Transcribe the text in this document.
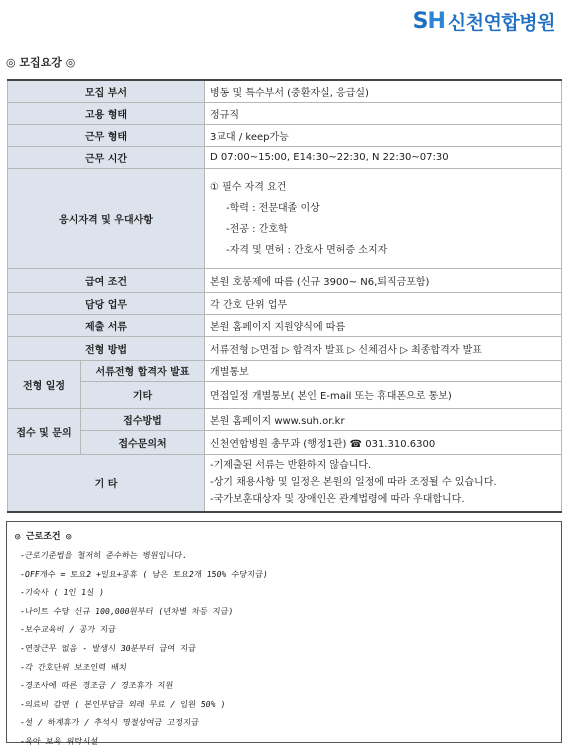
SH 신천연합병원
◎ 모집요강 ◎
모집 부서		병동 및 특수부서 (중환자실, 응급실)
고용 형태		정규직
근무 형태		3교대 / keep가능
근무 시간		D 07:00~15:00, E14:30~22:30, N 22:30~07:30
응시자격 및 우대사항		① 필수 자격 요건
-학력 : 전문대졸 이상
-전공 : 간호학
-자격 및 면허 : 간호사 면허증 소지자

급여 조건		본원 호봉제에 따름 (신규 3900~ N6,퇴직금포함)
담당 업무		각 간호 단위 업무
제출 서류		본원 홈페이지 지원양식에 따름
전형 방법		서류전형 ▷면접 ▷ 합격자 발표 ▷ 신체검사 ▷ 최종합격자 발표
전형 일정	서류전형 합격자 발표	개별통보
	기타	면접일정 개별통보( 본인 E-mail 또는 휴대폰으로 통보)
접수 및 문의	접수방법	본원 홈페이지 www.suh.or.kr
	접수문의처	신천연합병원 총무과 (행정1관) ☎ 031.310.6300
기 타		-기제출된 서류는 반환하지 않습니다.
-상기 채용사항 및 일정은 본원의 일정에 따라 조정될 수 있습니다.
-국가보훈대상자 및 장애인은 관계법령에 따라 우대합니다.
◎ 근로조건 ◎
-근로기준법을 철저히 준수하는 병원입니다.
-OFF개수 = 토요2 +일요+공휴 ( 남은 토요2개 150% 수당지급)
-기숙사 ( 1인 1실 )
-나이트 수당 신규 100,000원부터 (년차별 차등 지급)
-보수교육비 / 공가 지급
-연장근무 없음 - 발생시 30분부터 급여 지급
-각 간호단위 보조인력 배치
-경조사에 따른 경조금 / 경조휴가 지원
-의료비 감면 ( 본인부담금 외래 무료 / 입원 50% )
-설 / 하계휴가 / 추석시 명절상여금 고정지급
-육아 보육 위탁시설
